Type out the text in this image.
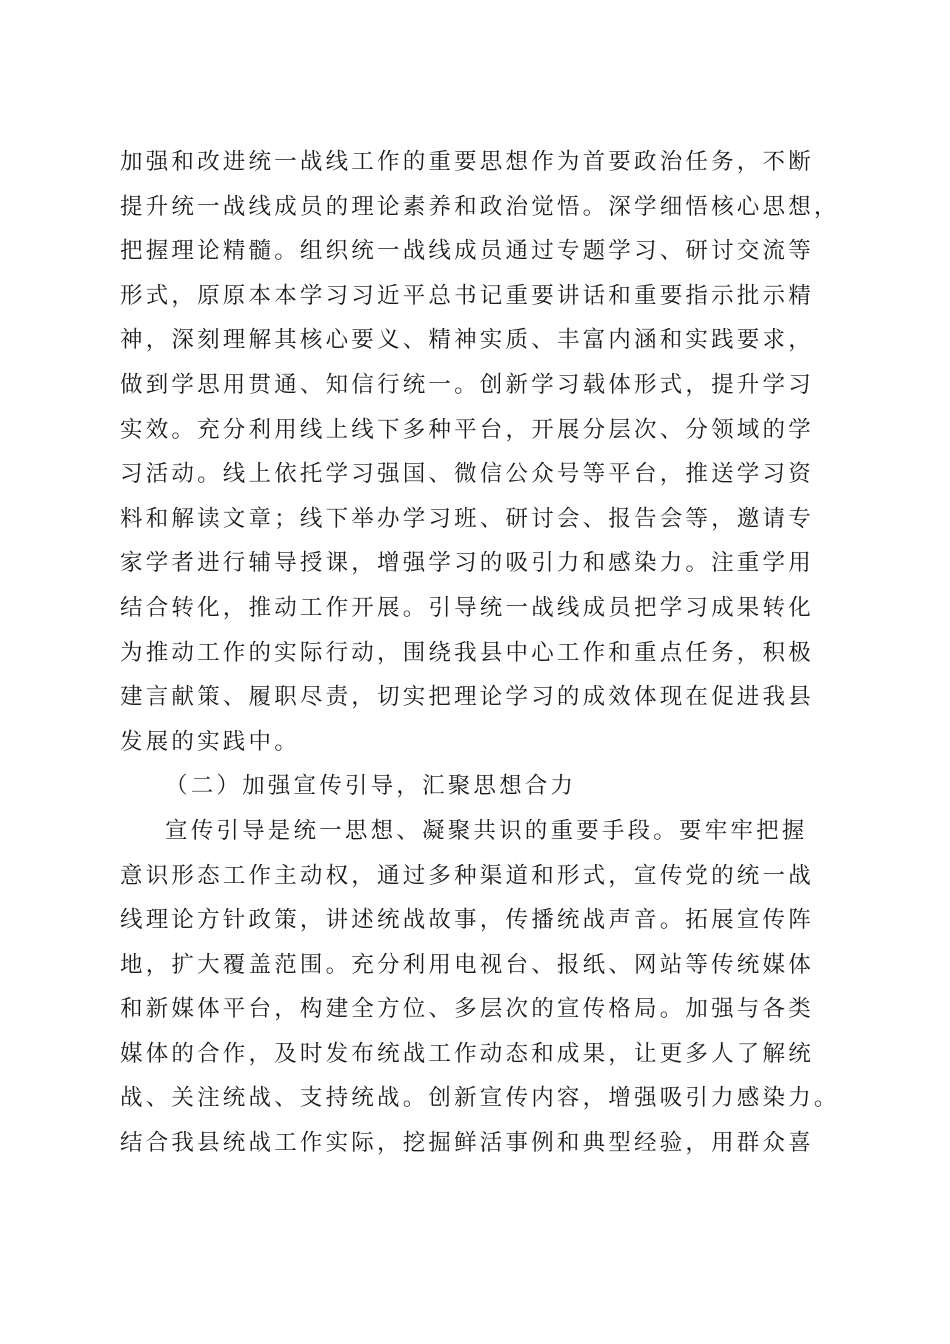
加强和改进统一战线工作的重要思想作为首要政治任务，不断
提升统一战线成员的理论素养和政治觉悟。深学细悟核心思想，
把握理论精髓。组织统一战线成员通过专题学习、研讨交流等
形式，原原本本学习习近平总书记重要讲话和重要指示批示精
神，深刻理解其核心要义、精神实质、丰富内涵和实践要求，
做到学思用贯通、知信行统一。创新学习载体形式，提升学习
实效。充分利用线上线下多种平台，开展分层次、分领域的学
习活动。线上依托学习强国、微信公众号等平台，推送学习资
料和解读文章；线下举办学习班、研讨会、报告会等，邀请专
家学者进行辅导授课，增强学习的吸引力和感染力。注重学用
结合转化，推动工作开展。引导统一战线成员把学习成果转化
为推动工作的实际行动，围绕我县中心工作和重点任务，积极
建言献策、履职尽责，切实把理论学习的成效体现在促进我县
发展的实践中。
（二）加强宣传引导，汇聚思想合力
宣传引导是统一思想、凝聚共识的重要手段。要牢牢把握
意识形态工作主动权，通过多种渠道和形式，宣传党的统一战
线理论方针政策，讲述统战故事，传播统战声音。拓展宣传阵
地，扩大覆盖范围。充分利用电视台、报纸、网站等传统媒体
和新媒体平台，构建全方位、多层次的宣传格局。加强与各类
媒体的合作，及时发布统战工作动态和成果，让更多人了解统
战、关注统战、支持统战。创新宣传内容，增强吸引力感染力。
结合我县统战工作实际，挖掘鲜活事例和典型经验，用群众喜
